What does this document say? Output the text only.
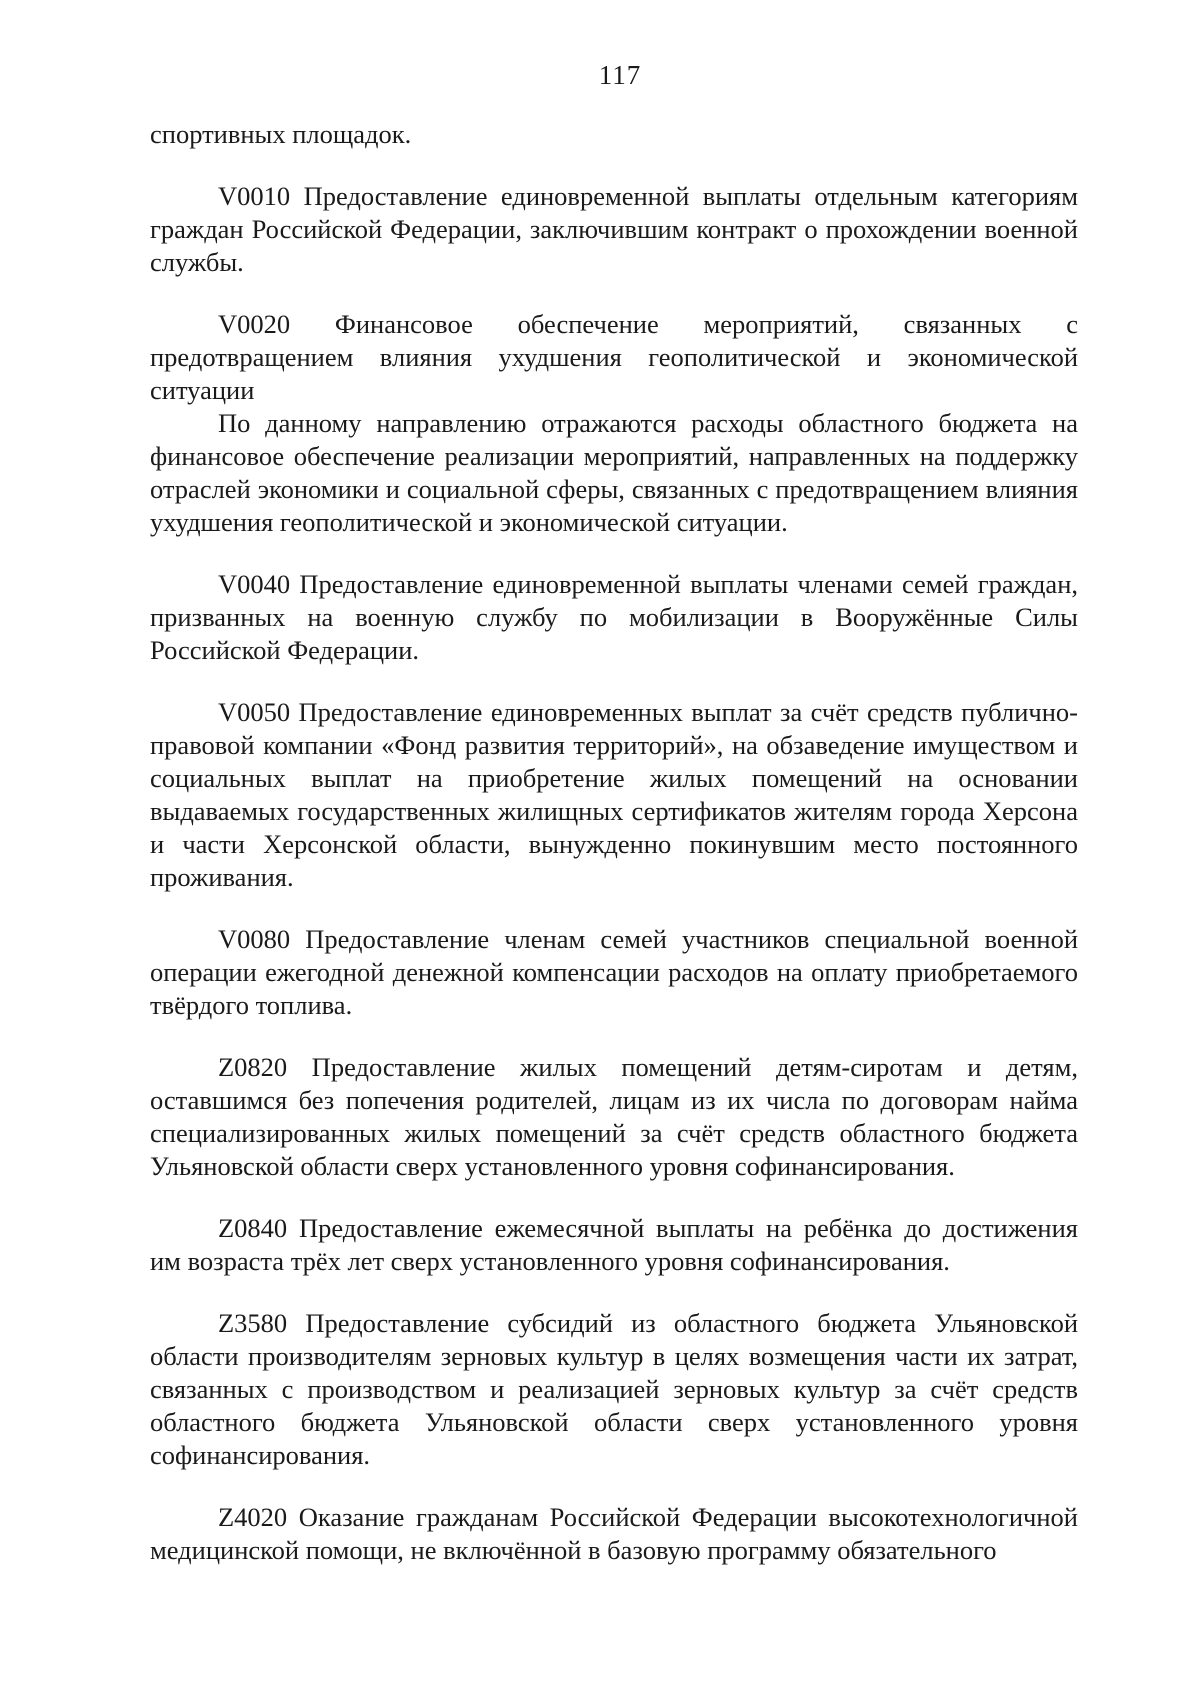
117

спортивных площадок.

V0010 Предоставление единовременной выплаты отдельным категориям граждан Российской Федерации, заключившим контракт о прохождении военной службы.

V0020 Финансовое обеспечение мероприятий, связанных с предотвращением влияния ухудшения геополитической и экономической ситуации

По данному направлению отражаются расходы областного бюджета на финансовое обеспечение реализации мероприятий, направленных на поддержку отраслей экономики и социальной сферы, связанных с предотвращением влияния ухудшения геополитической и экономической ситуации.

V0040 Предоставление единовременной выплаты членами семей граждан, призванных на военную службу по мобилизации в Вооружённые Силы Российской Федерации.

V0050 Предоставление единовременных выплат за счёт средств публично-правовой компании «Фонд развития территорий», на обзаведение имуществом и социальных выплат на приобретение жилых помещений на основании выдаваемых государственных жилищных сертификатов жителям города Херсона и части Херсонской области, вынужденно покинувшим место постоянного проживания.

V0080 Предоставление членам семей участников специальной военной операции ежегодной денежной компенсации расходов на оплату приобретаемого твёрдого топлива.

Z0820 Предоставление жилых помещений детям-сиротам и детям, оставшимся без попечения родителей, лицам из их числа по договорам найма специализированных жилых помещений за счёт средств областного бюджета Ульяновской области сверх установленного уровня софинансирования.

Z0840 Предоставление ежемесячной выплаты на ребёнка до достижения им возраста трёх лет сверх установленного уровня софинансирования.

Z3580 Предоставление субсидий из областного бюджета Ульяновской области производителям зерновых культур в целях возмещения части их затрат, связанных с производством и реализацией зерновых культур за счёт средств областного бюджета Ульяновской области сверх установленного уровня софинансирования.

Z4020 Оказание гражданам Российской Федерации высокотехнологичной медицинской помощи, не включённой в базовую программу обязательного
